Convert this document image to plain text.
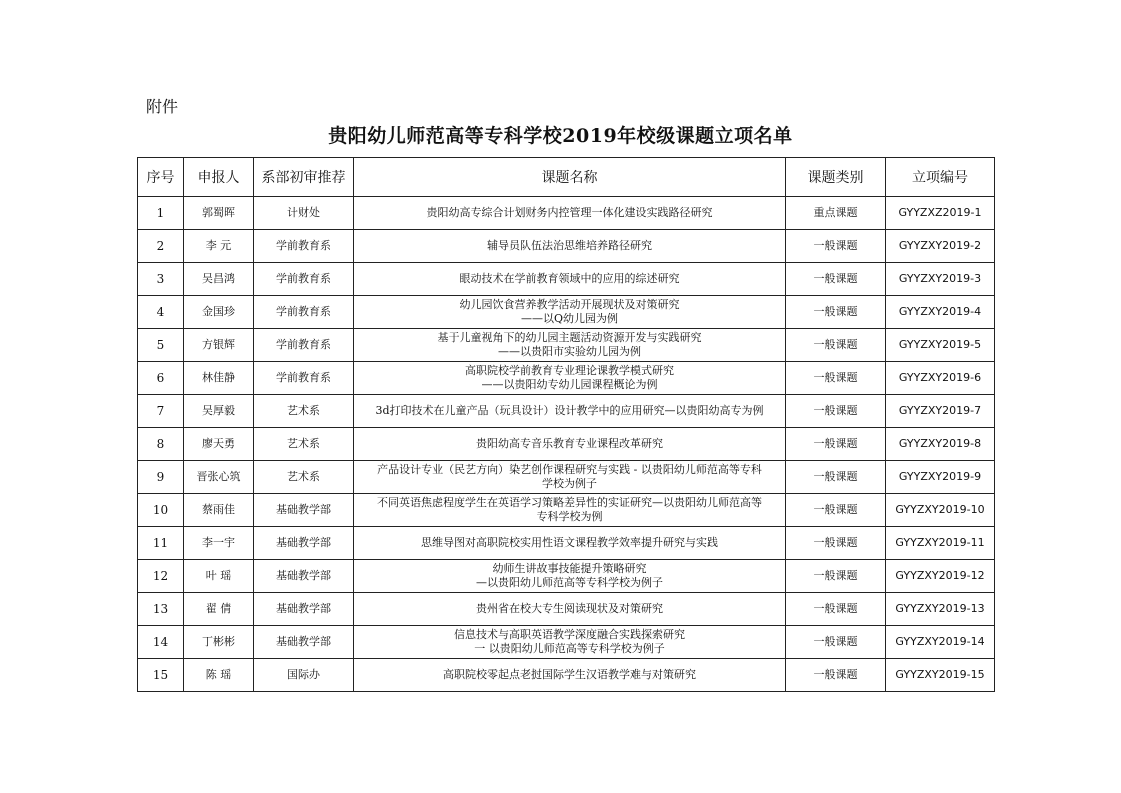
附件
贵阳幼儿师范高等专科学校2019年校级课题立项名单
序号	申报人	系部初审推荐	课题名称	课题类别	立项编号
1	郭蜀晖	计财处	贵阳幼高专综合计划财务内控管理一体化建设实践路径研究	重点课题	GYYZXZ2019-1
2	李 元	学前教育系	辅导员队伍法治思维培养路径研究	一般课题	GYYZXY2019-2
3	吴昌鸿	学前教育系	眼动技术在学前教育领域中的应用的综述研究	一般课题	GYYZXY2019-3
4	金国珍	学前教育系	幼儿园饮食营养教学活动开展现状及对策研究
——以Q幼儿园为例	一般课题	GYYZXY2019-4
5	方银辉	学前教育系	基于儿童视角下的幼儿园主题活动资源开发与实践研究
——以贵阳市实验幼儿园为例	一般课题	GYYZXY2019-5
6	林佳静	学前教育系	高职院校学前教育专业理论课教学模式研究
——以贵阳幼专幼儿园课程概论为例	一般课题	GYYZXY2019-6
7	吴厚毅	艺术系	3d打印技术在儿童产品（玩具设计）设计教学中的应用研究—以贵阳幼高专为例	一般课题	GYYZXY2019-7
8	廖天勇	艺术系	贵阳幼高专音乐教育专业课程改革研究	一般课题	GYYZXY2019-8
9	晋张心筑	艺术系	产品设计专业（民艺方向）染艺创作课程研究与实践 - 以贵阳幼儿师范高等专科
学校为例子	一般课题	GYYZXY2019-9
10	蔡雨佳	基础教学部	不同英语焦虑程度学生在英语学习策略差异性的实证研究—以贵阳幼儿师范高等
专科学校为例	一般课题	GYYZXY2019-10
11	李一宇	基础教学部	思维导图对高职院校实用性语文课程教学效率提升研究与实践	一般课题	GYYZXY2019-11
12	叶 瑶	基础教学部	幼师生讲故事技能提升策略研究
—以贵阳幼儿师范高等专科学校为例子	一般课题	GYYZXY2019-12
13	翟 倩	基础教学部	贵州省在校大专生阅读现状及对策研究	一般课题	GYYZXY2019-13
14	丁彬彬	基础教学部	信息技术与高职英语教学深度融合实践探索研究
一 以贵阳幼儿师范高等专科学校为例子	一般课题	GYYZXY2019-14
15	陈 瑶	国际办	高职院校零起点老挝国际学生汉语教学难与对策研究	一般课题	GYYZXY2019-15
